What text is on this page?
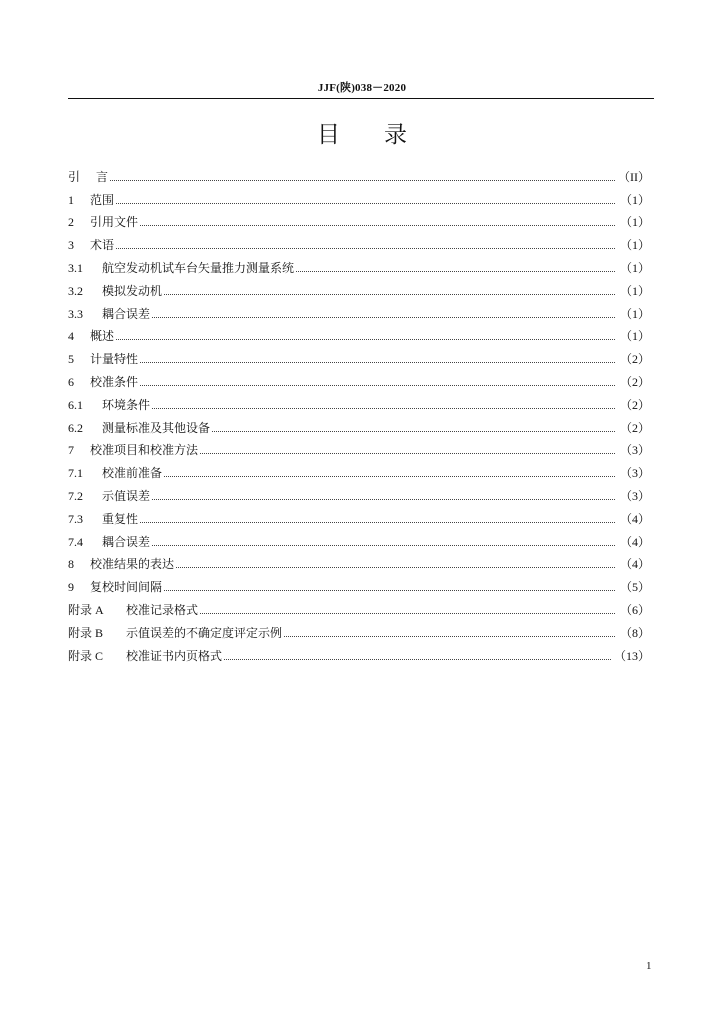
JJF(陕)038－2020
目录
引	言	（II）
1	范围	（1）
2	引用文件	（1）
3	术语	（1）
3.1	航空发动机试车台矢量推力测量系统	（1）
3.2	模拟发动机	（1）
3.3	耦合误差	（1）
4	概述	（1）
5	计量特性	（2）
6	校准条件	（2）
6.1	环境条件	（2）
6.2	测量标准及其他设备	（2）
7	校准项目和校准方法	（3）
7.1	校准前准备	（3）
7.2	示值误差	（3）
7.3	重复性	（4）
7.4	耦合误差	（4）
8	校准结果的表达	（4）
9	复校时间间隔	（5）
附录 A	校准记录格式	（6）
附录 B	示值误差的不确定度评定示例	（8）
附录 C	校准证书内页格式	（13）
1
